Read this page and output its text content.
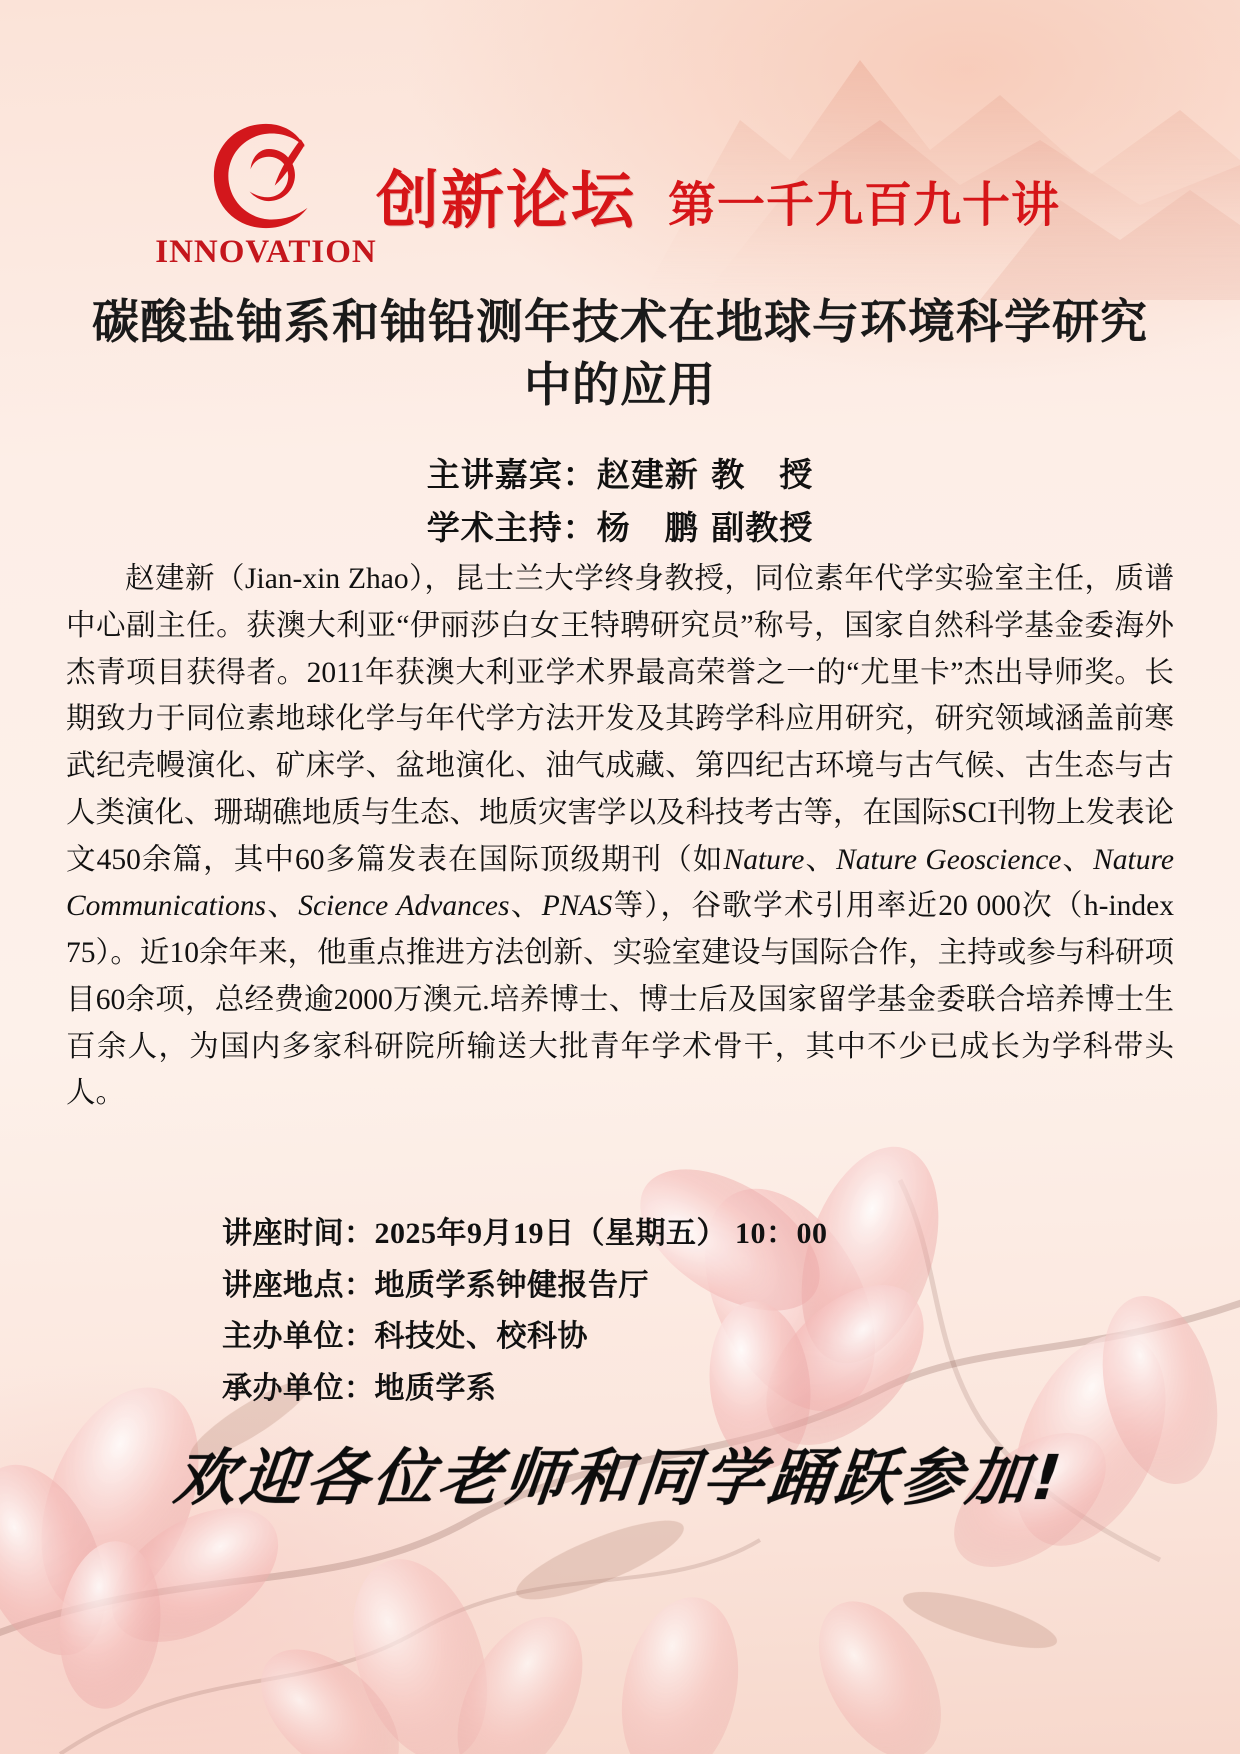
INNOVATION
创新论坛 第一千九百九十讲
碳酸盐铀系和铀铅测年技术在地球与环境科学研究中的应用
主讲嘉宾：赵建新 教　授
学术主持：杨　鹏 副教授
赵建新（Jian-xin Zhao），昆士兰大学终身教授，同位素年代学实验室主任，质谱中心副主任。获澳大利亚“伊丽莎白女王特聘研究员”称号，国家自然科学基金委海外杰青项目获得者。2011年获澳大利亚学术界最高荣誉之一的“尤里卡”杰出导师奖。长期致力于同位素地球化学与年代学方法开发及其跨学科应用研究，研究领域涵盖前寒武纪壳幔演化、矿床学、盆地演化、油气成藏、第四纪古环境与古气候、古生态与古人类演化、珊瑚礁地质与生态、地质灾害学以及科技考古等，在国际SCI刊物上发表论文450余篇，其中60多篇发表在国际顶级期刊（如Nature、Nature Geoscience、Nature Communications、Science Advances、PNAS等），谷歌学术引用率近20 000次（h-index 75）。近10余年来，他重点推进方法创新、实验室建设与国际合作，主持或参与科研项目60余项，总经费逾2000万澳元.培养博士、博士后及国家留学基金委联合培养博士生百余人，为国内多家科研院所输送大批青年学术骨干，其中不少已成长为学科带头人。
讲座时间：2025年9月19日（星期五） 10：00
讲座地点：地质学系钟健报告厅
主办单位：科技处、校科协
承办单位：地质学系
欢迎各位老师和同学踊跃参加!
